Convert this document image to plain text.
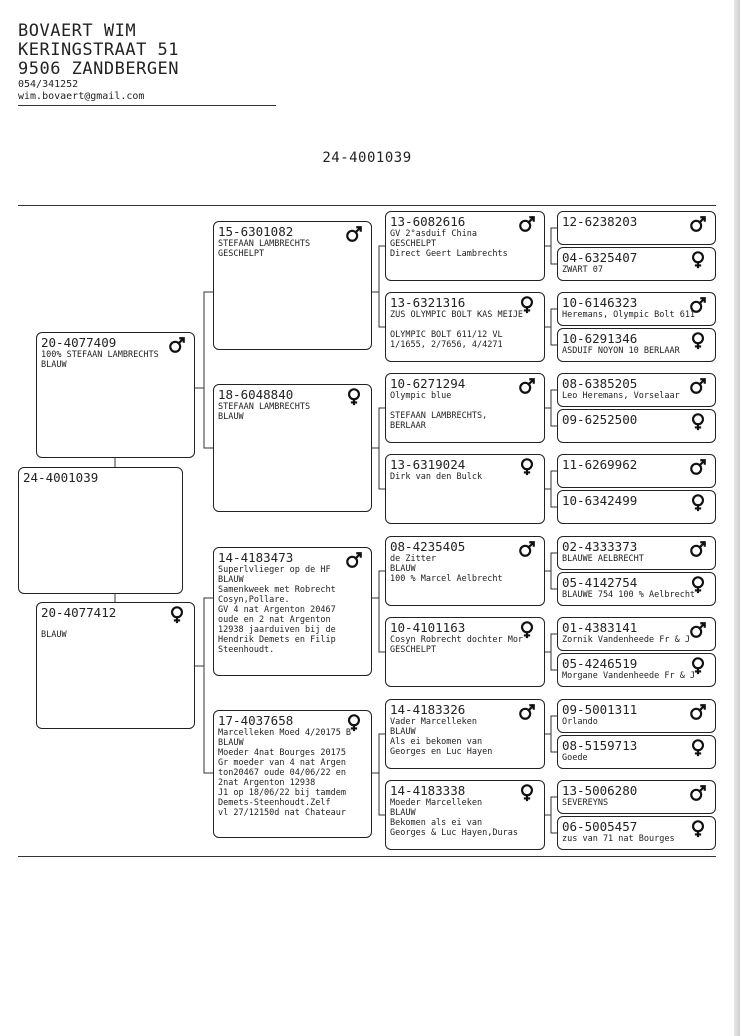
BOVAERT WIM
KERINGSTRAAT 51
9506 ZANDBERGEN
054/341252
wim.bovaert@gmail.com
24-4001039
24-4001039
20-4077409
100% STEFAAN LAMBRECHTS
BLAUW
20-4077412

BLAUW
15-6301082
STEFAAN LAMBRECHTS
GESCHELPT
18-6048840
STEFAAN LAMBRECHTS
BLAUW
14-4183473
Superlvlieger op de HF
BLAUW
Samenkweek met Robrecht
Cosyn,Pollare.
GV 4 nat Argenton 20467
oude en 2 nat Argenton
12938 jaarduiven bij de
Hendrik Demets en Filip
Steenhoudt.
17-4037658
Marcelleken Moed 4/20175 B
BLAUW
Moeder 4nat Bourges 20175
Gr moeder van 4 nat Argen
ton20467 oude 04/06/22 en
2nat Argenton 12938
J1 op 18/06/22 bij tamdem
Demets-Steenhoudt.Zelf
vl 27/12150d nat Chateaur
13-6082616
GV 2°asduif China
GESCHELPT
Direct Geert Lambrechts
13-6321316
ZUS OLYMPIC BOLT KAS MEIJE

OLYMPIC BOLT 611/12 VL
1/1655, 2/7656, 4/4271
10-6271294
Olympic blue

STEFAAN LAMBRECHTS,
BERLAAR
13-6319024
Dirk van den Bulck
08-4235405
de Zitter
BLAUW
100 % Marcel Aelbrecht
10-4101163
Cosyn Robrecht dochter Mor
GESCHELPT
14-4183326
Vader Marcelleken
BLAUW
Als ei bekomen van
Georges en Luc Hayen
14-4183338
Moeder Marcelleken
BLAUW
Bekomen als ei van
Georges & Luc Hayen,Duras
12-6238203
04-6325407
ZWART 07
10-6146323
Heremans, Olympic Bolt 611
10-6291346
ASDUIF NOYON 10 BERLAAR
08-6385205
Leo Heremans, Vorselaar
09-6252500
11-6269962
10-6342499
02-4333373
BLAUWE AELBRECHT
05-4142754
BLAUWE 754 100 % Aelbrecht
01-4383141
Zornik Vandenheede Fr & J
05-4246519
Morgane Vandenheede Fr & J
09-5001311
Orlando
08-5159713
Goede
13-5006280
SEVEREYNS
06-5005457
zus van 71 nat Bourges
